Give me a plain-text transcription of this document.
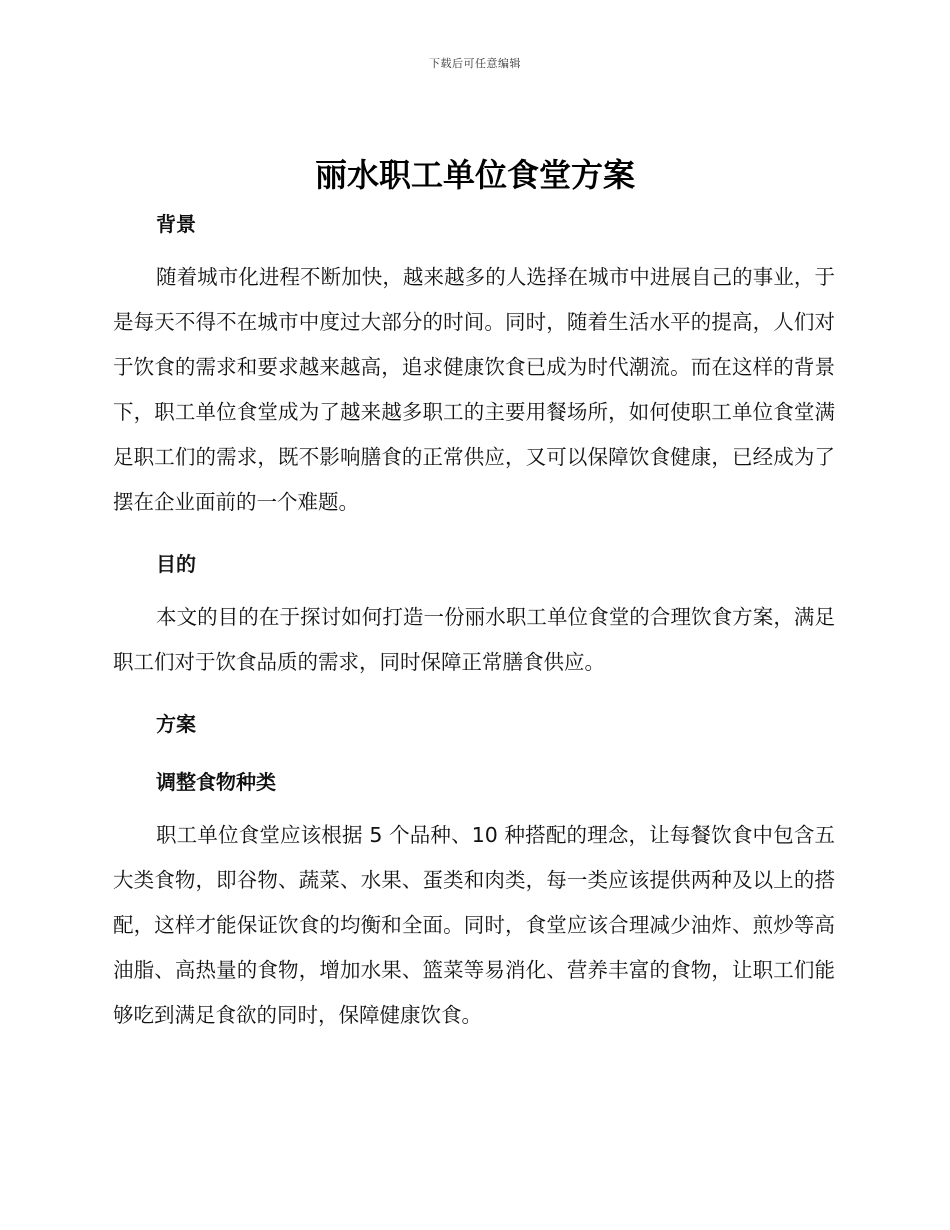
下载后可任意编辑
丽水职工单位食堂方案
背景

随着城市化进程不断加快，越来越多的人选择在城市中进展自己的事业，于是每天不得不在城市中度过大部分的时间。同时，随着生活水平的提高，人们对于饮食的需求和要求越来越高，追求健康饮食已成为时代潮流。而在这样的背景下，职工单位食堂成为了越来越多职工的主要用餐场所，如何使职工单位食堂满足职工们的需求，既不影响膳食的正常供应，又可以保障饮食健康，已经成为了摆在企业面前的一个难题。

目的

本文的目的在于探讨如何打造一份丽水职工单位食堂的合理饮食方案，满足职工们对于饮食品质的需求，同时保障正常膳食供应。

方案
调整食物种类

职工单位食堂应该根据 5 个品种、10 种搭配的理念，让每餐饮食中包含五大类食物，即谷物、蔬菜、水果、蛋类和肉类，每一类应该提供两种及以上的搭配，这样才能保证饮食的均衡和全面。同时，食堂应该合理减少油炸、煎炒等高油脂、高热量的食物，增加水果、篮菜等易消化、营养丰富的食物，让职工们能够吃到满足食欲的同时，保障健康饮食。
